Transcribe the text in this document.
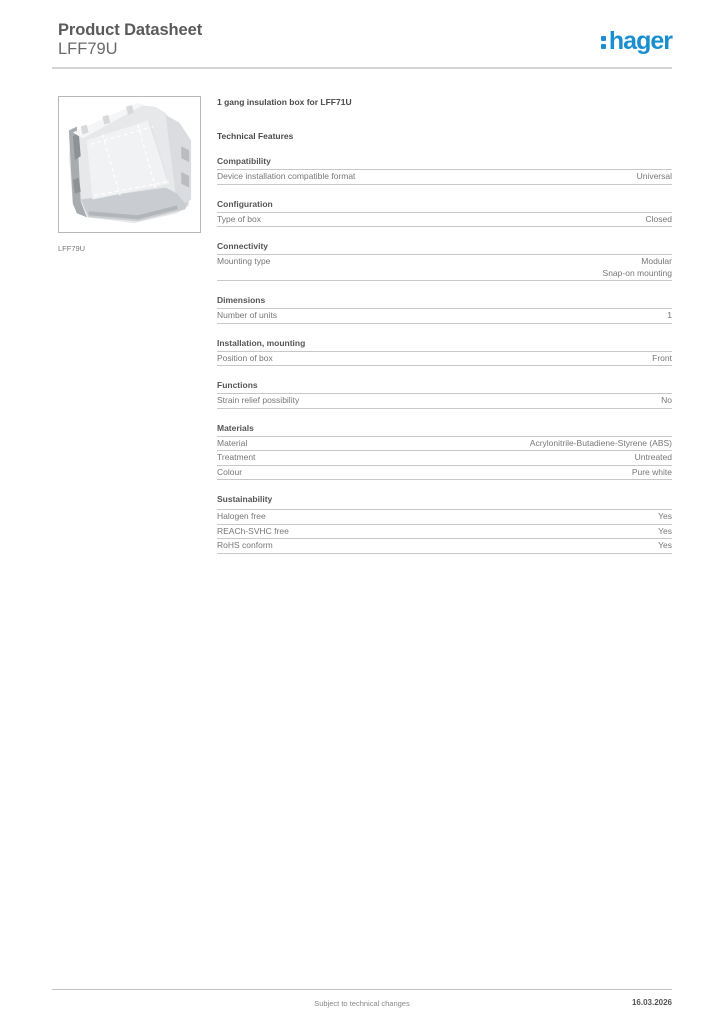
Product Datasheet
LFF79U	hager
LFF79U
1 gang insulation box for LFF71U
Technical Features
Compatibility
Device installation compatible format	Universal
Configuration
Type of box	Closed
Connectivity
Mounting type	Modular
Snap-on mounting
Dimensions
Number of units	1
Installation, mounting
Position of box	Front
Functions
Strain relief possibility	No
Materials
Material	Acrylonitrile-Butadiene-Styrene (ABS)
Treatment	Untreated
Colour	Pure white
Sustainability
Halogen free	Yes
REACh-SVHC free	Yes
RoHS conform	Yes
Subject to technical changes	16.03.2026
